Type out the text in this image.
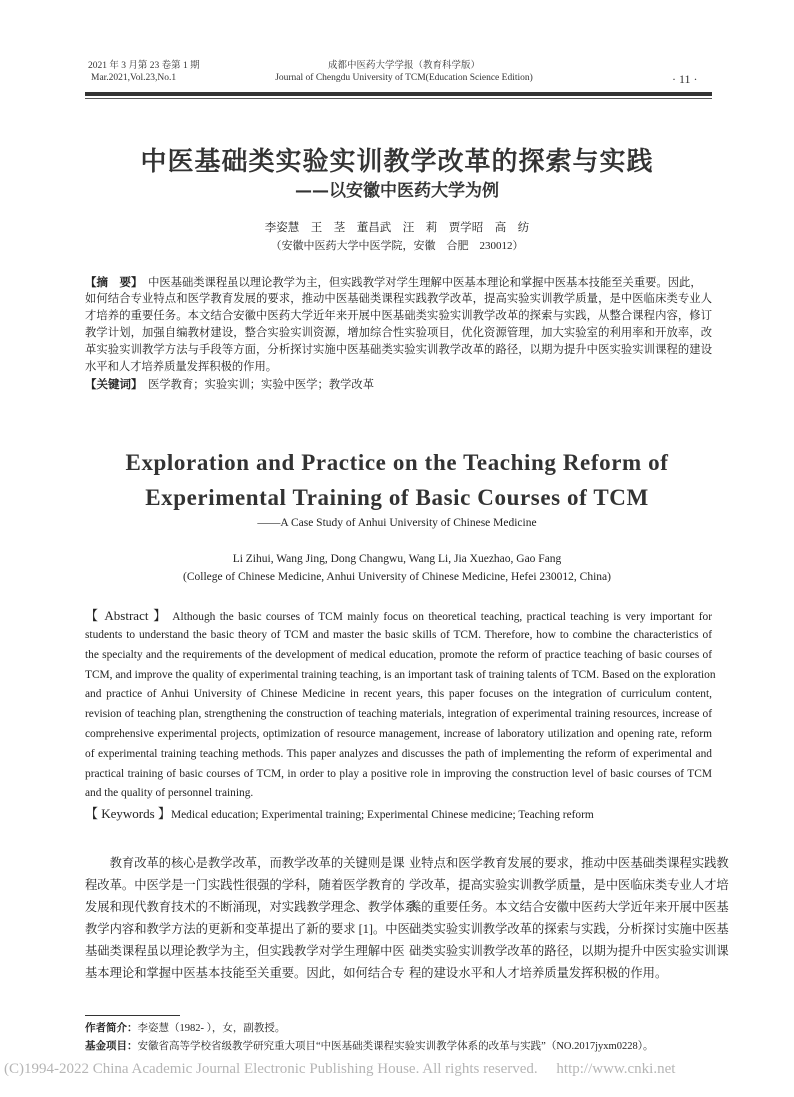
2021 年 3 月第 23 卷第 1 期
Mar.2021,Vol.23,No.1
成都中医药大学学报（教育科学版）
Journal of Chengdu University of TCM(Education Science Edition)	· 11 ·
中医基础类实验实训教学改革的探索与实践
——以安徽中医药大学为例
李姿慧　王　茎　董昌武　汪　莉　贾学昭　高　纺
（安徽中医药大学中医学院，安徽　合肥　230012）
【摘　要】　 中医基础类课程虽以理论教学为主，但实践教学对学生理解中医基本理论和掌握中医基本技能至关重要。因此，
如何结合专业特点和医学教育发展的要求，推动中医基础类课程实践教学改革，提高实验实训教学质量，是中医临床类专业人
才培养的重要任务。本文结合安徽中医药大学近年来开展中医基础类实验实训教学改革的探索与实践，从整合课程内容，修订
教学计划，加强自编教材建设，整合实验实训资源，增加综合性实验项目，优化资源管理，加大实验室的利用率和开放率，改
革实验实训教学方法与手段等方面，分析探讨实施中医基础类实验实训教学改革的路径，以期为提升中医实验实训课程的建设
水平和人才培养质量发挥积极的作用。
【关键词】　 医学教育；实验实训；实验中医学；教学改革
Exploration and Practice on the Teaching Reform of
Experimental Training of Basic Courses of TCM
——A Case Study of Anhui University of Chinese Medicine
Li Zihui, Wang Jing, Dong Changwu, Wang Li, Jia Xuezhao, Gao Fang
(College of Chinese Medicine, Anhui University of Chinese Medicine, Hefei 230012, China)
【 Abstract 】 Although the basic courses of TCM mainly focus on theoretical teaching, practical teaching is very important for
students to understand the basic theory of TCM and master the basic skills of TCM. Therefore, how to combine the characteristics of
the specialty and the requirements of the development of medical education, promote the reform of practice teaching of basic courses of
TCM, and improve the quality of experimental training teaching, is an important task of training talents of TCM. Based on the exploration
and practice of Anhui University of Chinese Medicine in recent years, this paper focuses on the integration of curriculum content,
revision of teaching plan, strengthening the construction of teaching materials, integration of experimental training resources, increase of
comprehensive experimental projects, optimization of resource management, increase of laboratory utilization and opening rate, reform
of experimental training teaching methods. This paper analyzes and discusses the path of implementing the reform of experimental and
practical training of basic courses of TCM, in order to play a positive role in improving the construction level of basic courses of TCM
and the quality of personnel training.
【 Keywords 】Medical education; Experimental training; Experimental Chinese medicine; Teaching reform
　　教育改革的核心是教学改革，而教学改革的关键则是课
程改革。中医学是一门实践性很强的学科，随着医学教育的
发展和现代教育技术的不断涌现，对实践教学理念、教学体系、
教学内容和教学方法的更新和变革提出了新的要求 [1]。中医
基础类课程虽以理论教学为主，但实践教学对学生理解中医
基本理论和掌握中医基本技能至关重要。因此，如何结合专
业特点和医学教育发展的要求，推动中医基础类课程实践教
学改革，提高实验实训教学质量，是中医临床类专业人才培
养的重要任务。本文结合安徽中医药大学近年来开展中医基
础类实验实训教学改革的探索与实践，分析探讨实施中医基
础类实验实训教学改革的路径，以期为提升中医实验实训课
程的建设水平和人才培养质量发挥积极的作用。
作者简介：李姿慧（1982- ），女，副教授。
基金项目：安徽省高等学校省级教学研究重大项目“中医基础类课程实验实训教学体系的改革与实践”（NO.2017jyxm0228）。
(C)1994-2022 China Academic Journal Electronic Publishing House. All rights reserved.　 http://www.cnki.net
